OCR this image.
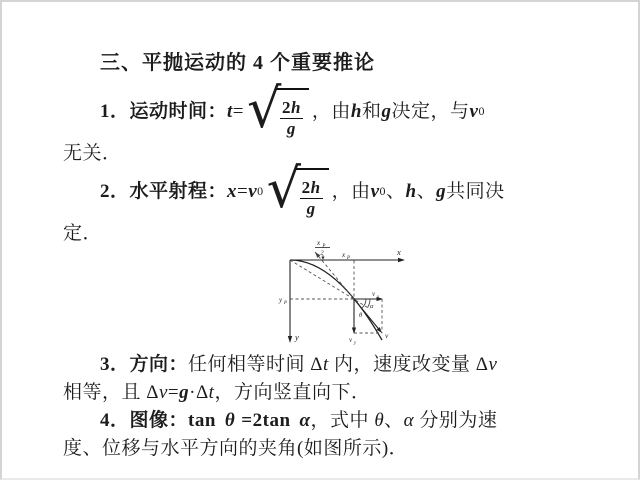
三、平抛运动的 4 个重要推论
1．运动时间： t = √
$\frac{2h}{g}$ ，由 h 和 g 决定，与 v 0
无关．
2．水平射程： x = v 0 √
$\frac{2h}{g}$ ，由 v 0 、 h 、 g 共同决
定．	x P
2	x
y
x P
y P
v x
v y
v
θ
α
3．方向：任何相等时间 Δt 内，速度改变量 Δv
相等，且 Δv=g·Δt，方向竖直向下．
4．图像：tan θ =2tan α，式中 θ、α 分别为速
度、位移与水平方向的夹角(如图所示)．
